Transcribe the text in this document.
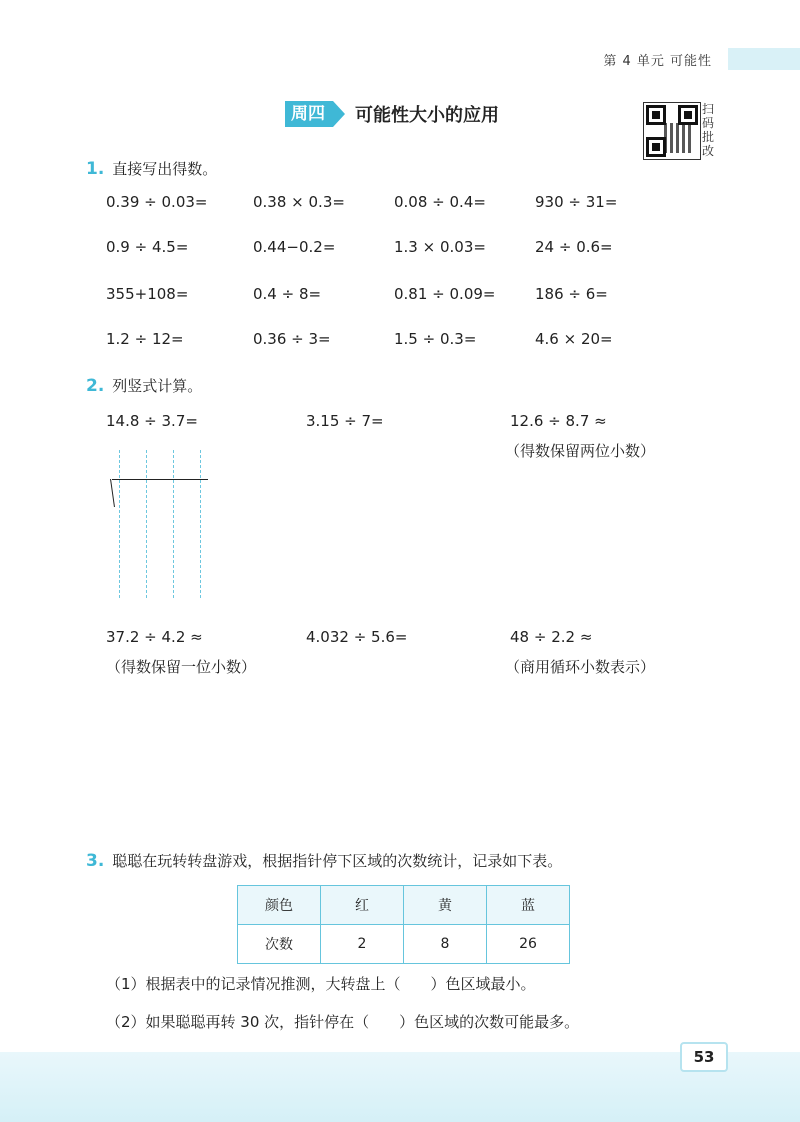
第 4 单元 可能性
周四	可能性大小的应用	扫
码
批
改
1. 直接写出得数。
0.39 ÷ 0.03=	0.38 × 0.3=	0.08 ÷ 0.4=	930 ÷ 31=
0.9 ÷ 4.5=	0.44−0.2=	1.3 × 0.03=	24 ÷ 0.6=
355+108=	0.4 ÷ 8=	0.81 ÷ 0.09=	186 ÷ 6=
1.2 ÷ 12=	0.36 ÷ 3=	1.5 ÷ 0.3=	4.6 × 20=
2. 列竖式计算。
14.8 ÷ 3.7=	3.15 ÷ 7=	12.6 ÷ 8.7 ≈
（得数保留两位小数）
37.2 ÷ 4.2 ≈
（得数保留一位小数）
4.032 ÷ 5.6=	48 ÷ 2.2 ≈
（商用循环小数表示）
3. 聪聪在玩转转盘游戏，根据指针停下区域的次数统计，记录如下表。
颜色	红	黄	蓝
次数	2	8	26
（1）根据表中的记录情况推测，大转盘上（　　）色区域最小。
（2）如果聪聪再转 30 次，指针停在（　　）色区域的次数可能最多。
53
